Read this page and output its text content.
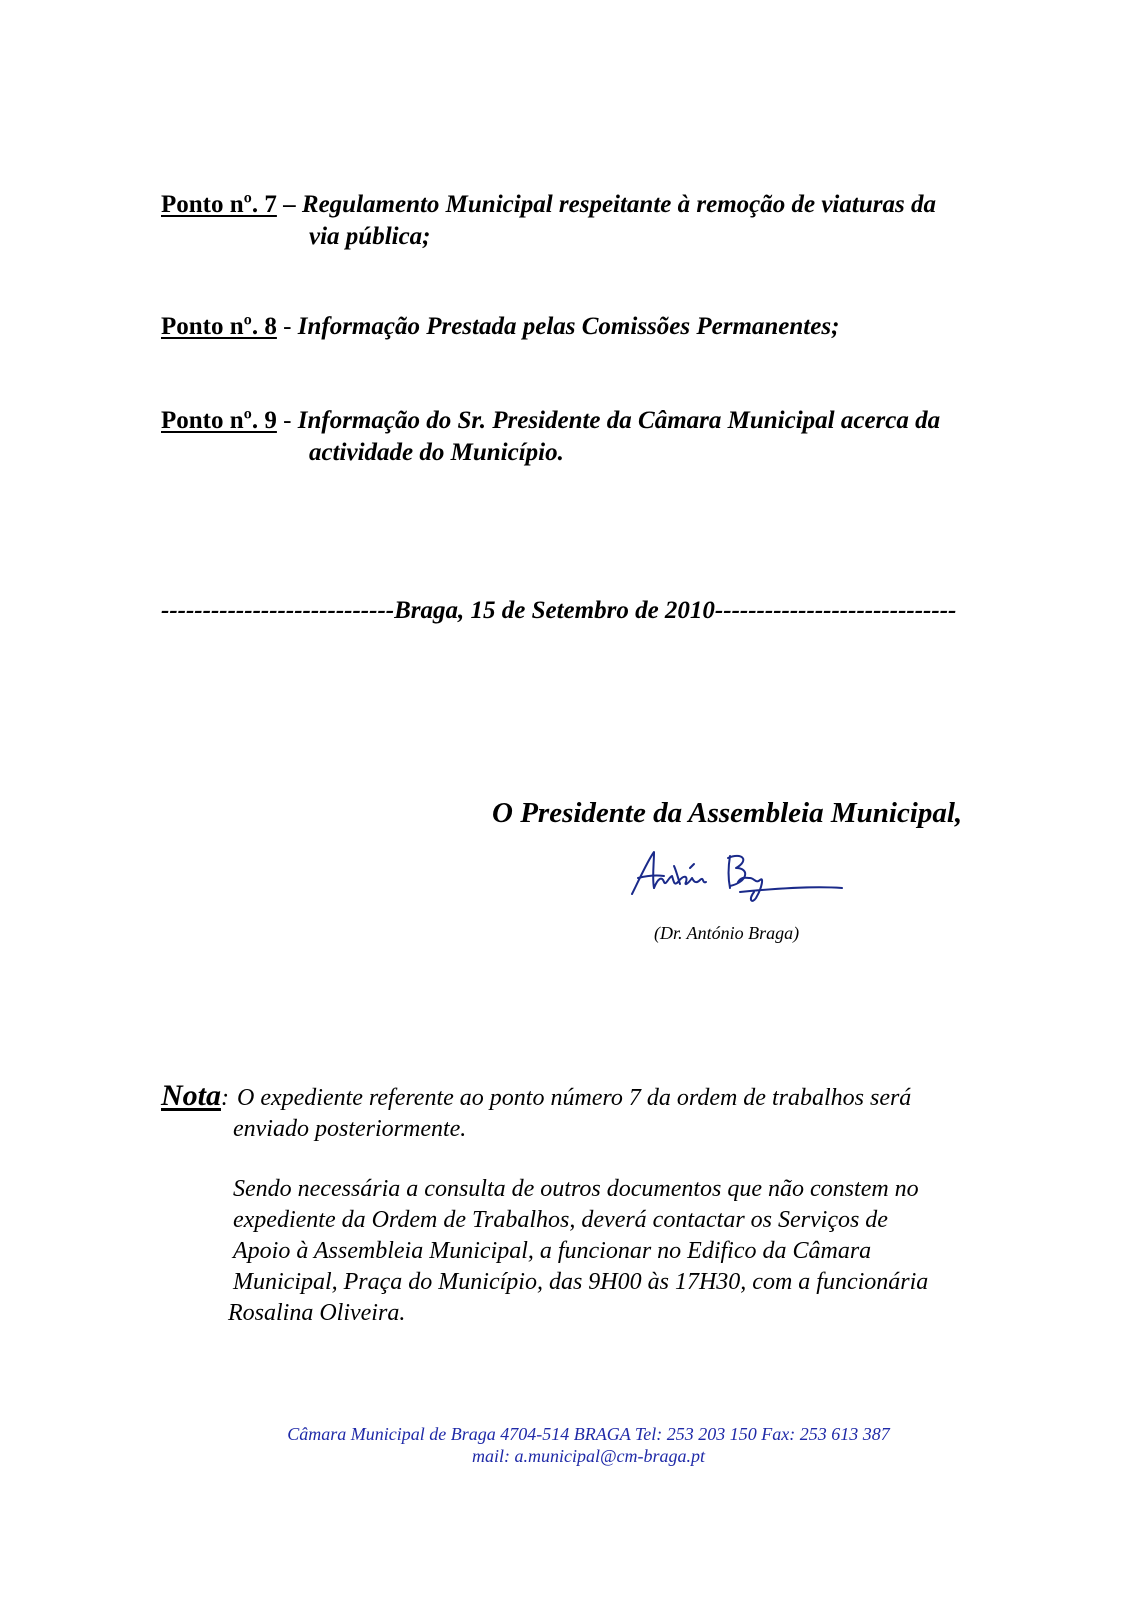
Ponto nº. 7 – Regulamento Municipal respeitante à remoção de viaturas da
via pública;
Ponto nº. 8 - Informação Prestada pelas Comissões Permanentes;
Ponto nº. 9 - Informação do Sr. Presidente da Câmara Municipal acerca da
actividade do Município.
----------------------------Braga, 15 de Setembro de 2010-----------------------------
O Presidente da Assembleia Municipal,
(Dr. António Braga)
Nota: O expediente referente ao ponto número 7 da ordem de trabalhos será
enviado posteriormente.
Sendo necessária a consulta de outros documentos que não constem no
expediente da Ordem de Trabalhos, deverá contactar os Serviços de
Apoio à Assembleia Municipal, a funcionar no Edifico da Câmara
Municipal, Praça do Município, das 9H00 às 17H30, com a funcionária
Rosalina Oliveira.
Câmara Municipal de Braga 4704-514 BRAGA Tel: 253 203 150 Fax: 253 613 387
mail: a.municipal@cm-braga.pt
